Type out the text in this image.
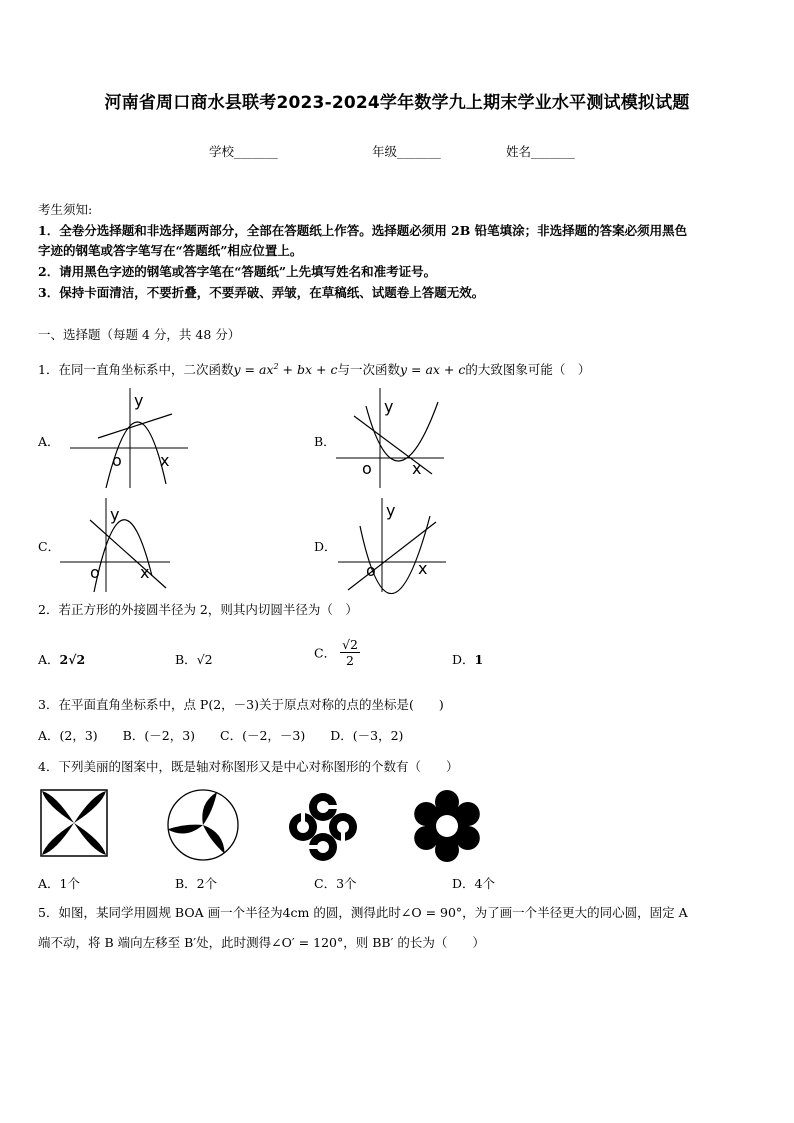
河南省周口商水县联考2023-2024学年数学九上期末学业水平测试模拟试题
学校_______	年级_______	姓名_______
考生须知:
1．全卷分选择题和非选择题两部分，全部在答题纸上作答。选择题必须用 2B 铅笔填涂；非选择题的答案必须用黑色
字迹的钢笔或答字笔写在“答题纸”相应位置上。
2．请用黑色字迹的钢笔或答字笔在“答题纸”上先填写姓名和准考证号。
3．保持卡面清洁，不要折叠，不要弄破、弄皱，在草稿纸、试题卷上答题无效。
一、选择题（每题 4 分，共 48 分）
1．在同一直角坐标系中，二次函数$y = ax^2$ + bx + c与一次函数y = ax + c的大致图象可能（　）
A．	B．
C．	D．
y
o x
y
o	x
y
o	x
y
o	x
2．若正方形的外接圆半径为 2，则其内切圆半径为（　）
A．2√2	B．√2	C． $\frac{√2}{2}$	D．1
3．在平面直角坐标系中，点 P(2，－3)关于原点对称的点的坐标是(　　)
A．(2，3)　　B．(－2，3)　　C．(－2，－3)　　D．(－3，2)
4．下列美丽的图案中，既是轴对称图形又是中心对称图形的个数有（　　）
A．1个	B．2个	C．3个	D．4个
5．如图，某同学用圆规 BOA 画一个半径为4cm 的圆，测得此时∠O = 90°，为了画一个半径更大的同心圆，固定 A
端不动，将 B 端向左移至 B′处，此时测得∠O′ = 120°，则 BB′ 的长为（　　）
